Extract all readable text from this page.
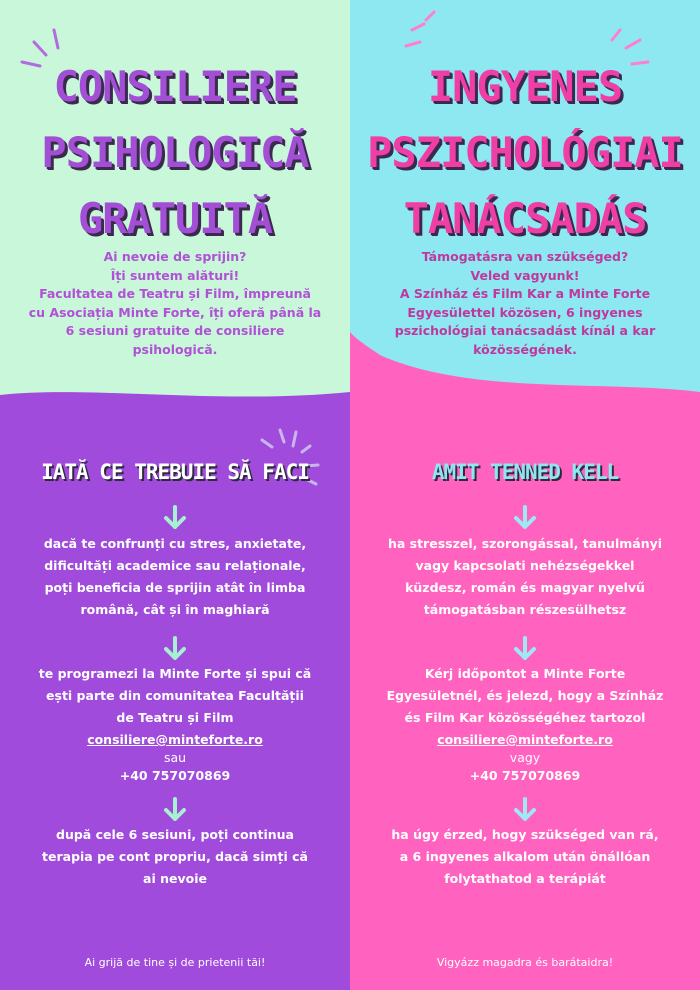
CONSILIERE
PSIHOLOGICĂ
GRATUITĂ
Ai nevoie de sprijin?
Îți suntem alături!
Facultatea de Teatru și Film, împreună
cu Asociația Minte Forte, îți oferă până la
6 sesiuni gratuite de consiliere
psihologică.
IATĂ CE TREBUIE SĂ FACI
dacă te confrunți cu stres, anxietate,
dificultăți academice sau relaționale,
poți beneficia de sprijin atât în limba
română, cât și în maghiară
te programezi la Minte Forte și spui că
ești parte din comunitatea Facultății
de Teatru și Film
consiliere@minteforte.ro
sau
+40 757070869
după cele 6 sesiuni, poți continua
terapia pe cont propriu, dacă simți că
ai nevoie
Ai grijă de tine și de prietenii tăi!
INGYENES
PSZICHOLÓGIAI
TANÁCSADÁS
Támogatásra van szükséged?
Veled vagyunk!
A Színház és Film Kar a Minte Forte
Egyesülettel közösen, 6 ingyenes
pszichológiai tanácsadást kínál a kar
közösségének.
AMIT TENNED KELL
ha stresszel, szorongással, tanulmányi
vagy kapcsolati nehézségekkel
küzdesz, román és magyar nyelvű
támogatásban részesülhetsz
Kérj időpontot a Minte Forte
Egyesületnél, és jelezd, hogy a Színház
és Film Kar közösségéhez tartozol
consiliere@minteforte.ro
vagy
+40 757070869
ha úgy érzed, hogy szükséged van rá,
a 6 ingyenes alkalom után önállóan
folytathatod a terápiát
Vigyázz magadra és barátaidra!
